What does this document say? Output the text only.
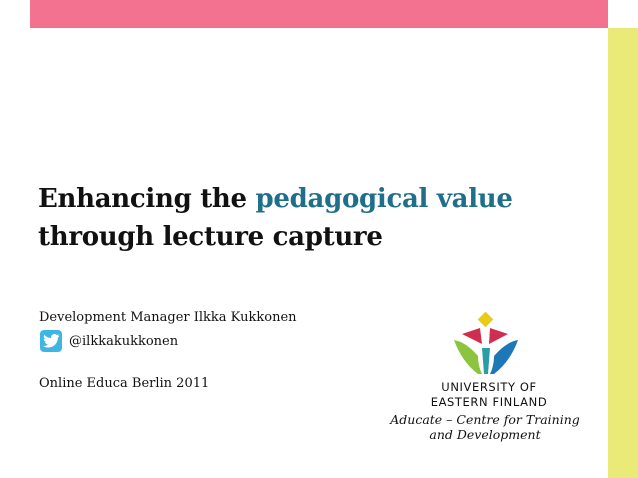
Enhancing the pedagogical value
through lecture capture
Development Manager Ilkka Kukkonen
@ilkkakukkonen
Online Educa Berlin 2011	UNIVERSITY OF
EASTERN FINLAND
Aducate – Centre for Training
and Development
